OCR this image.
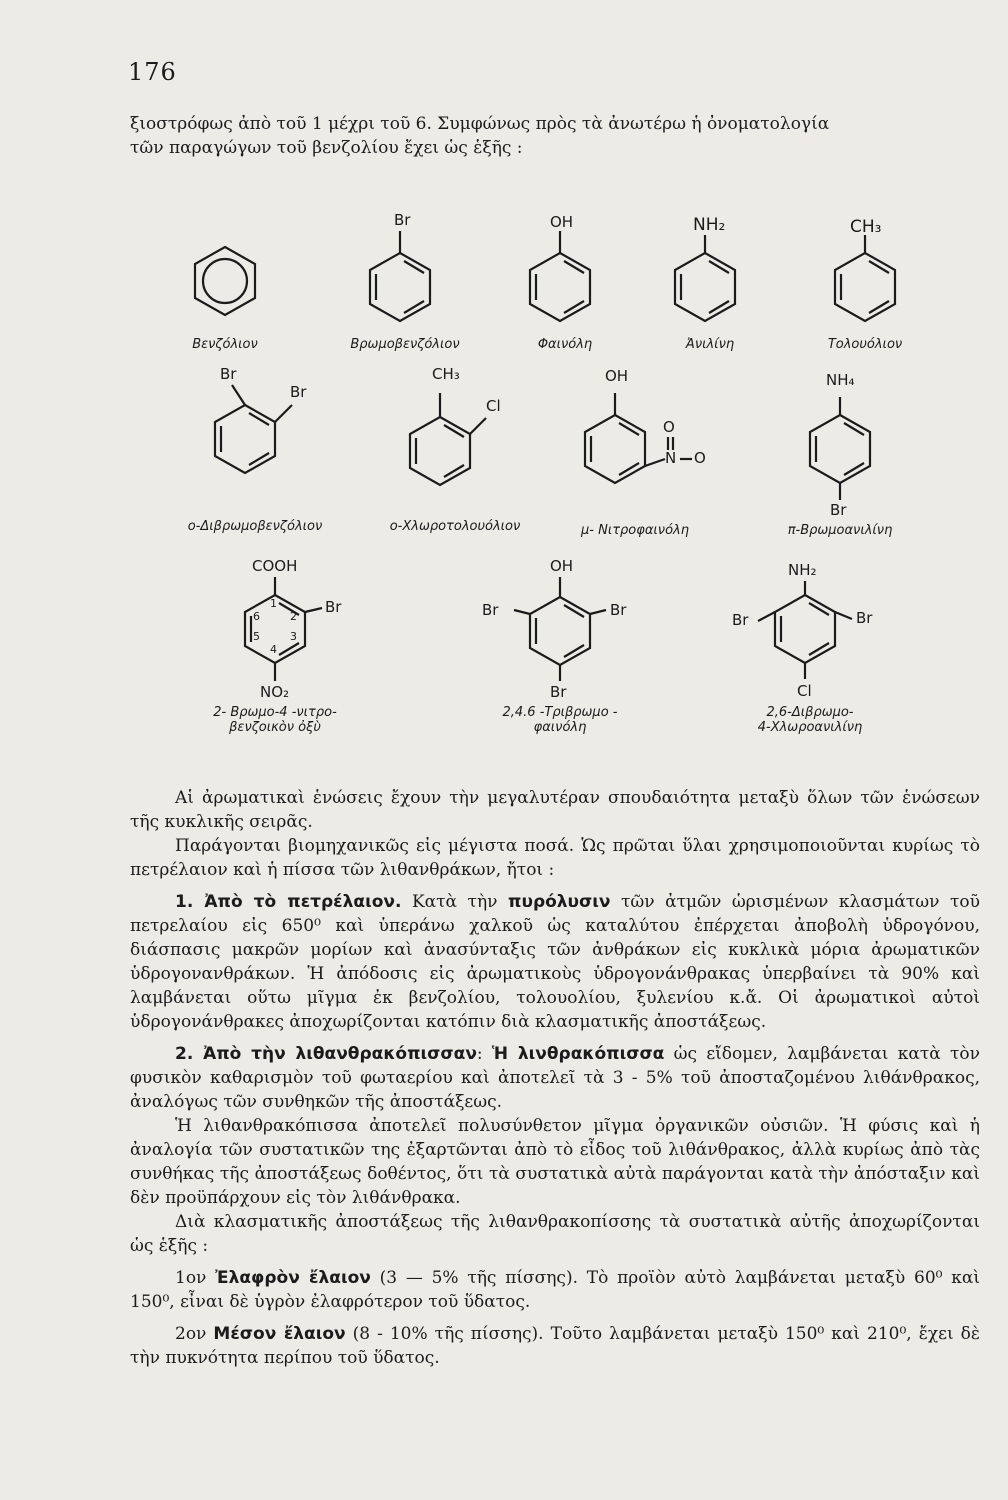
176

ξιοστρόφως ἀπὸ τοῦ 1 μέχρι τοῦ 6. Συμφώνως πρὸς τὰ ἀνωτέρω ἡ ὀνοματολογία

τῶν παραγώγων τοῦ βενζολίου ἔχει ὡς ἑξῆς :

Br	OH	NH₂	CH₃
Βενζόλιον	Βρωμοβενζόλιον	Φαινόλη	Ἀνιλίνη	Τολουόλιον
Br
Br
CH₃
Cl
OH
O
N O
NH₄
Br
ο-Διβρωμοβενζόλιον	ο-Χλωροτολουόλιον	μ- Νιτροφαινόλη	π-Βρωμοανιλίνη
COOH
Br
NO₂
OH
Br	Br
Br
NH₂
Br	Br
Cl
1
2
3
4
5
6
2- Βρωμο-4 -νιτρο-
βενζοικὸν ὀξὺ
2,4.6 -Τριβρωμο -
φαινόλη
2,6-Διβρωμο-
4-Χλωροανιλίνη

Αἱ ἀρωματικαὶ ἑνώσεις ἔχουν τὴν μεγαλυτέραν σπουδαιότητα μεταξὺ ὅλων τῶν ἑνώσεων τῆς κυκλικῆς σειρᾶς.

Παράγονται βιομηχανικῶς εἰς μέγιστα ποσά. Ὡς πρῶται ὕλαι χρησιμοποιοῦνται κυρίως τὸ πετρέλαιον καὶ ἡ πίσσα τῶν λιθανθράκων, ἤτοι :

1. Ἀπὸ τὸ πετρέλαιον. Κατὰ τὴν πυρόλυσιν τῶν ἀτμῶν ὡρισμένων κλασμάτων τοῦ πετρελαίου εἰς 650⁰ καὶ ὑπεράνω χαλκοῦ ὡς καταλύτου ἐπέρχεται ἀποβολὴ ὑδρογόνου, διάσπασις μακρῶν μορίων καὶ ἀνασύνταξις τῶν ἀνθράκων εἰς κυκλικὰ μόρια ἀρωματικῶν ὑδρογονανθράκων. Ἡ ἀπόδοσις εἰς ἀρωματικοὺς ὑδρογονάνθρακας ὑπερβαίνει τὰ 90% καὶ λαμβάνεται οὕτω μῖγμα ἐκ βενζολίου, τολουολίου, ξυλενίου κ.ἄ. Οἱ ἀρωματικοὶ αὐτοὶ ὑδρογονάνθρακες ἀποχωρίζονται κατόπιν διὰ κλασματικῆς ἀποστάξεως.

2. Ἀπὸ τὴν λιθανθρακόπισσαν: Ἡ λινθρακόπισσα ὡς εἴδομεν, λαμβάνεται κατὰ τὸν φυσικὸν καθαρισμὸν τοῦ φωταερίου καὶ ἀποτελεῖ τὰ 3 - 5% τοῦ ἀποσταζομένου λιθάνθρακος, ἀναλόγως τῶν συνθηκῶν τῆς ἀποστάξεως.

Ἡ λιθανθρακόπισσα ἀποτελεῖ πολυσύνθετον μῖγμα ὀργανικῶν οὐσιῶν. Ἡ φύσις καὶ ἡ ἀναλογία τῶν συστατικῶν της ἐξαρτῶνται ἀπὸ τὸ εἶδος τοῦ λιθάνθρακος, ἀλλὰ κυρίως ἀπὸ τὰς συνθήκας τῆς ἀποστάξεως δοθέντος, ὅτι τὰ συστατικὰ αὐτὰ παράγονται κατὰ τὴν ἀπόσταξιν καὶ δὲν προϋπάρχουν εἰς τὸν λιθάνθρακα.

Διὰ κλασματικῆς ἀποστάξεως τῆς λιθανθρακοπίσσης τὰ συστατικὰ αὐτῆς ἀποχωρίζονται ὡς ἑξῆς :

1ον Ἐλαφρὸν ἔλαιον (3 — 5% τῆς πίσσης). Τὸ προϊὸν αὐτὸ λαμβάνεται μεταξὺ 60⁰ καὶ 150⁰, εἶναι δὲ ὑγρὸν ἐλαφρότερον τοῦ ὕδατος.

2ον Μέσον ἔλαιον (8 - 10% τῆς πίσσης). Τοῦτο λαμβάνεται μεταξὺ 150⁰ καὶ 210⁰, ἔχει δὲ τὴν πυκνότητα περίπου τοῦ ὕδατος.
